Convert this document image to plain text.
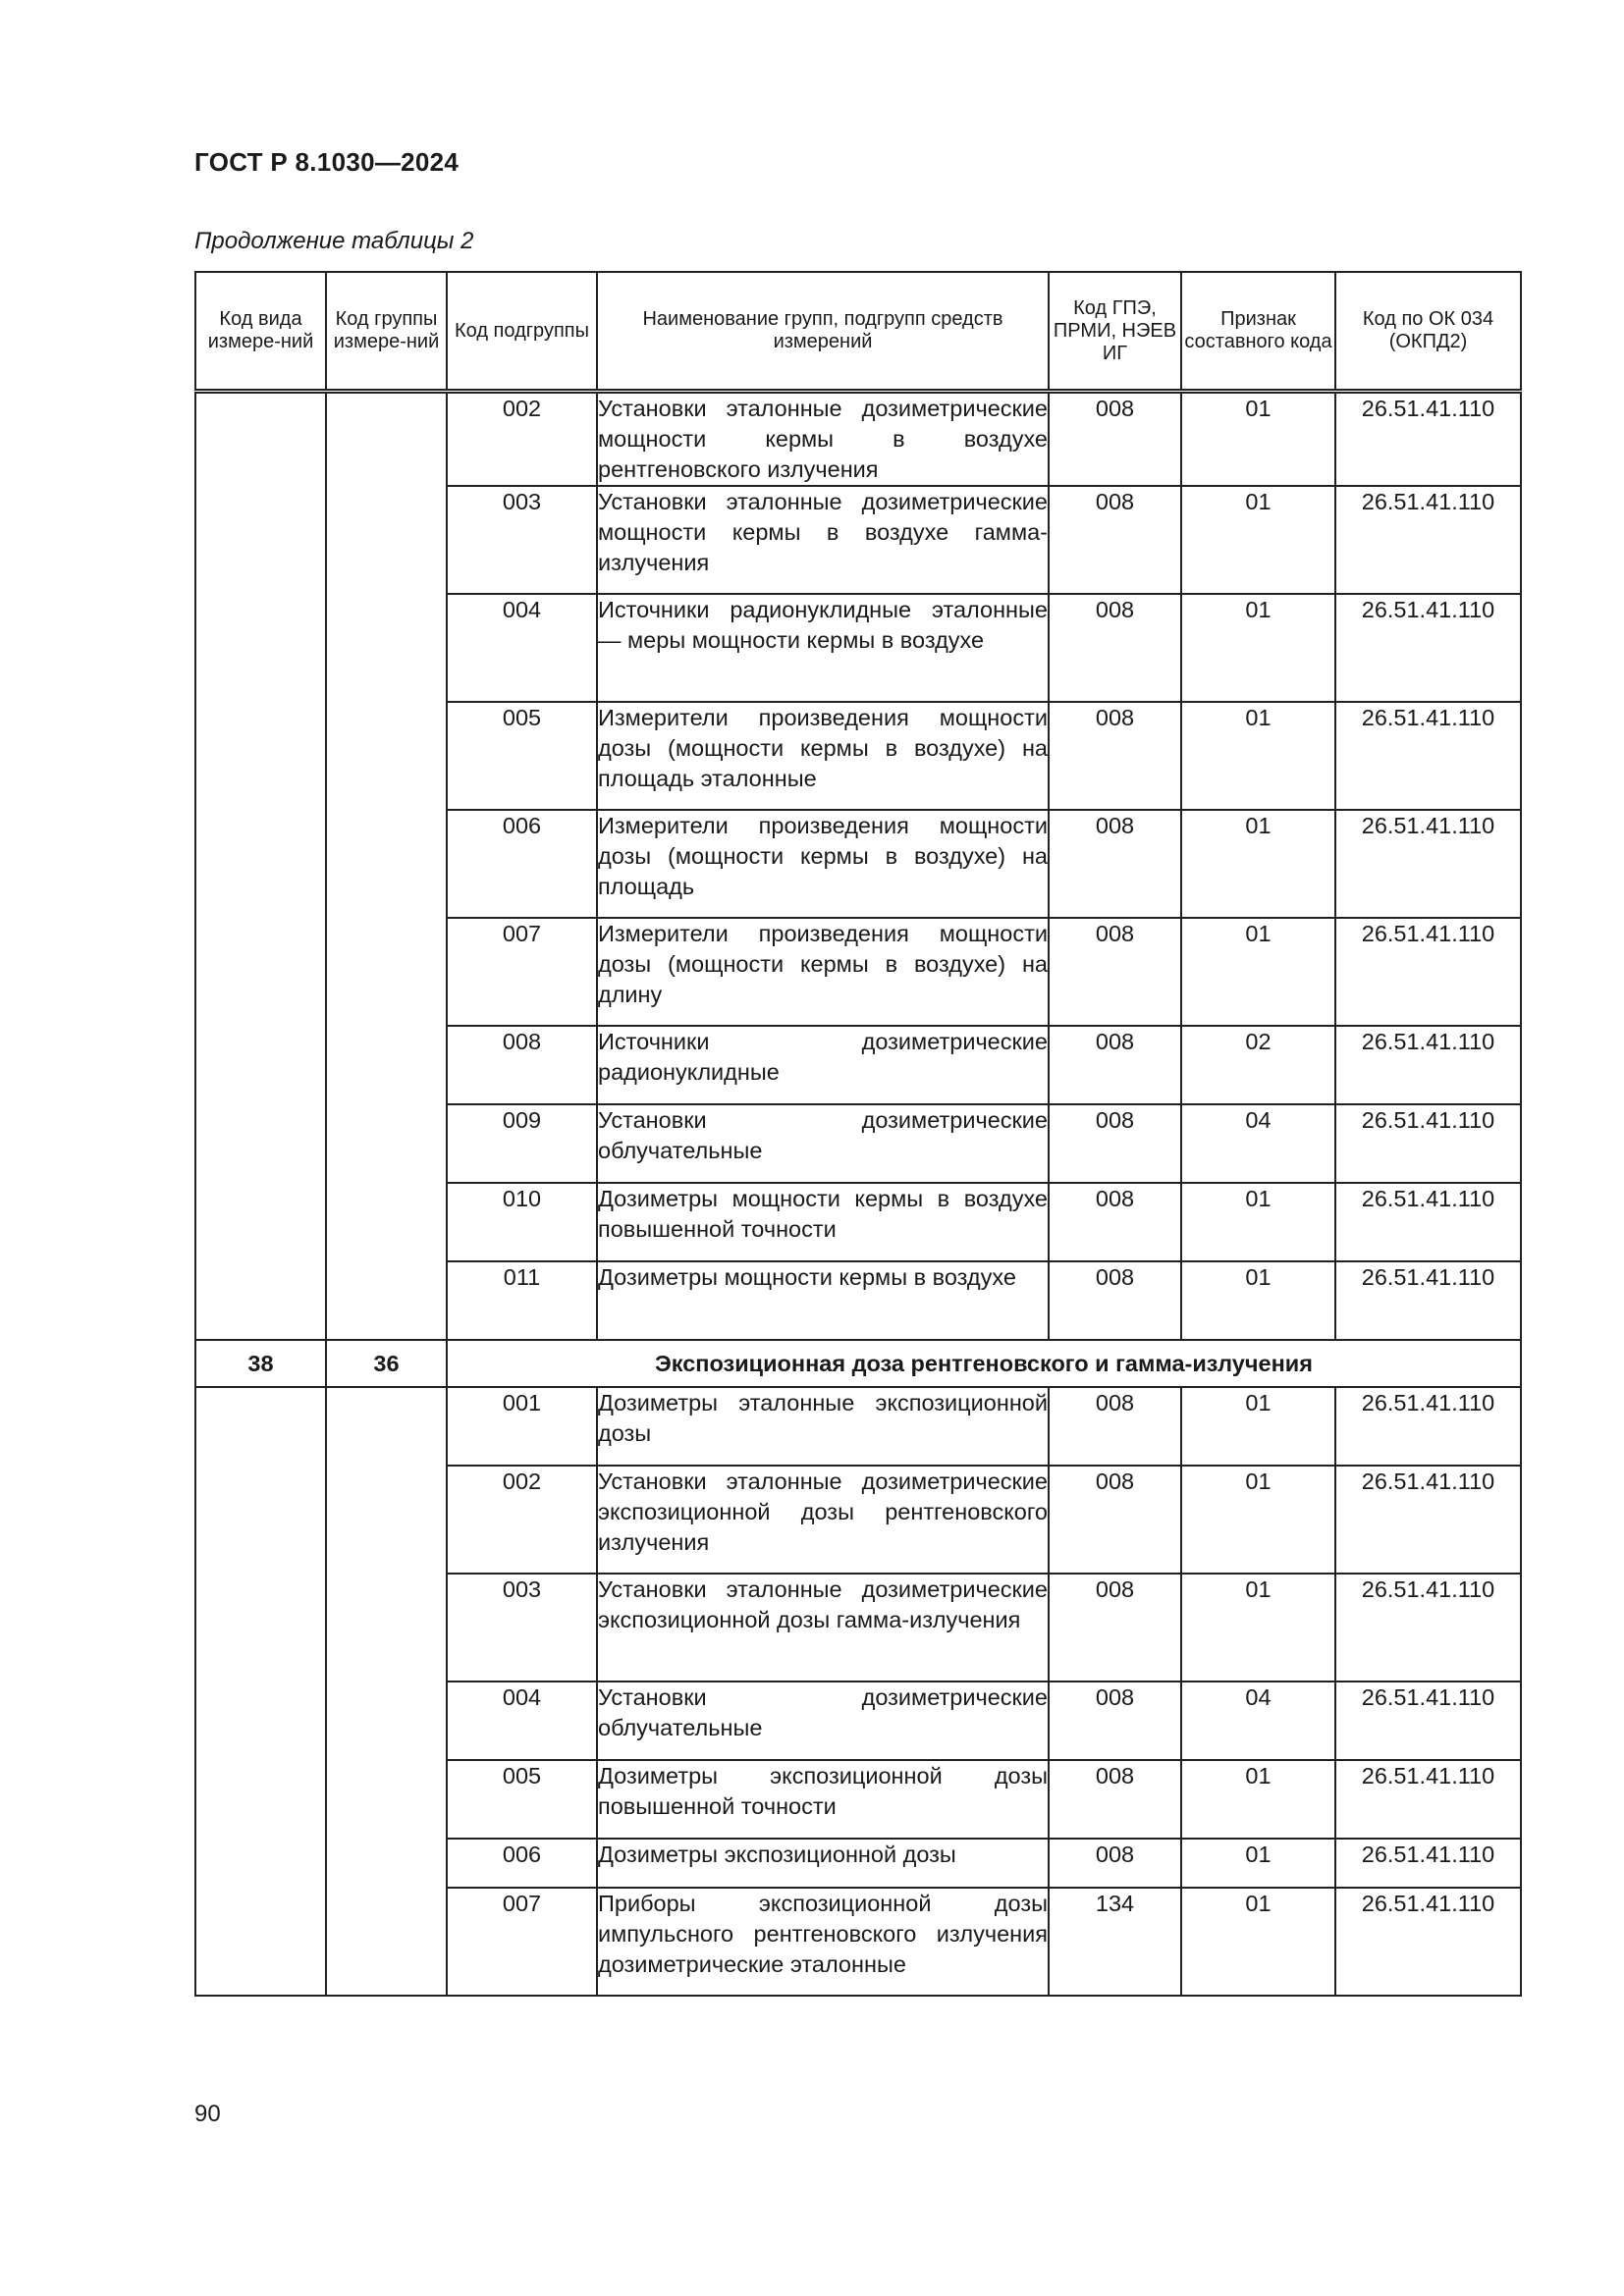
ГОСТ Р 8.1030—2024
Продолжение таблицы 2
Код вида измере-ний	Код группы измере-ний	Код подгруппы	Наименование групп, подгрупп средств измерений	Код ГПЭ, ПРМИ, НЭЕВ ИГ	Признак составного кода	Код по ОК 034 (ОКПД2)
		002	Установки эталонные дозиметрические мощности кермы в воздухе рентгеновского излучения	008	01	26.51.41.110
		003	Установки эталонные дозиметрические мощности кермы в воздухе гамма-излучения	008	01	26.51.41.110
		004	Источники радионуклидные эталонные — меры мощности кермы в воздухе	008	01	26.51.41.110
		005	Измерители произведения мощности дозы (мощности кермы в воздухе) на площадь эталонные	008	01	26.51.41.110
		006	Измерители произведения мощности дозы (мощности кермы в воздухе) на площадь	008	01	26.51.41.110
		007	Измерители произведения мощности дозы (мощности кермы в воздухе) на длину	008	01	26.51.41.110
		008	Источники дозиметрические радионуклидные	008	02	26.51.41.110
		009	Установки дозиметрические облучательные	008	04	26.51.41.110
		010	Дозиметры мощности кермы в воздухе повышенной точности	008	01	26.51.41.110
		011	Дозиметры мощности кермы в воздухе	008	01	26.51.41.110
38	36	Экспозиционная доза рентгеновского и гамма-излучения				
		001	Дозиметры эталонные экспозиционной дозы	008	01	26.51.41.110
		002	Установки эталонные дозиметрические экспозиционной дозы рентгеновского излучения	008	01	26.51.41.110
		003	Установки эталонные дозиметрические экспозиционной дозы гамма-излучения	008	01	26.51.41.110
		004	Установки дозиметрические облучательные	008	04	26.51.41.110
		005	Дозиметры экспозиционной дозы повышенной точности	008	01	26.51.41.110
		006	Дозиметры экспозиционной дозы	008	01	26.51.41.110
		007	Приборы экспозиционной дозы импульсного рентгеновского излучения дозиметрические эталонные	134	01	26.51.41.110
90
